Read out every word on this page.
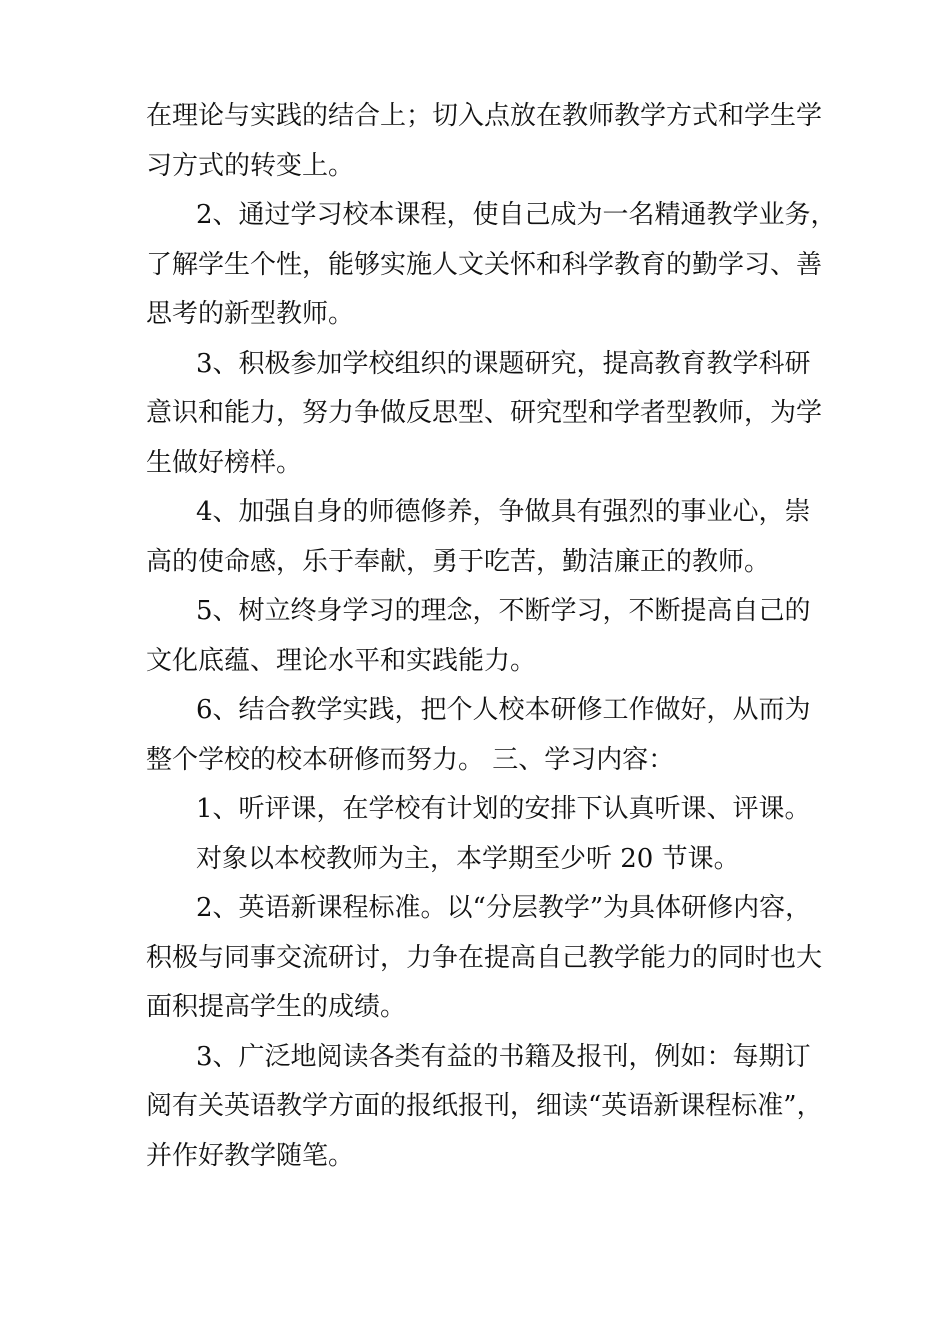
在理论与实践的结合上；切入点放在教师教学方式和学生学

习方式的转变上。

2、通过学习校本课程，使自己成为一名精通教学业务，

了解学生个性，能够实施人文关怀和科学教育的勤学习、善

思考的新型教师。

3、积极参加学校组织的课题研究，提高教育教学科研

意识和能力，努力争做反思型、研究型和学者型教师，为学

生做好榜样。

4、加强自身的师德修养，争做具有强烈的事业心，崇

高的使命感，乐于奉献，勇于吃苦，勤洁廉正的教师。

5、树立终身学习的理念，不断学习，不断提高自己的

文化底蕴、理论水平和实践能力。

6、结合教学实践，把个人校本研修工作做好，从而为

整个学校的校本研修而努力。 三、学习内容：

1、听评课，在学校有计划的安排下认真听课、评课。

对象以本校教师为主，本学期至少听 20 节课。

2、英语新课程标准。以“分层教学”为具体研修内容，

积极与同事交流研讨，力争在提高自己教学能力的同时也大

面积提高学生的成绩。

3、广泛地阅读各类有益的书籍及报刊，例如：每期订

阅有关英语教学方面的报纸报刊，细读“英语新课程标准”，

并作好教学随笔。
